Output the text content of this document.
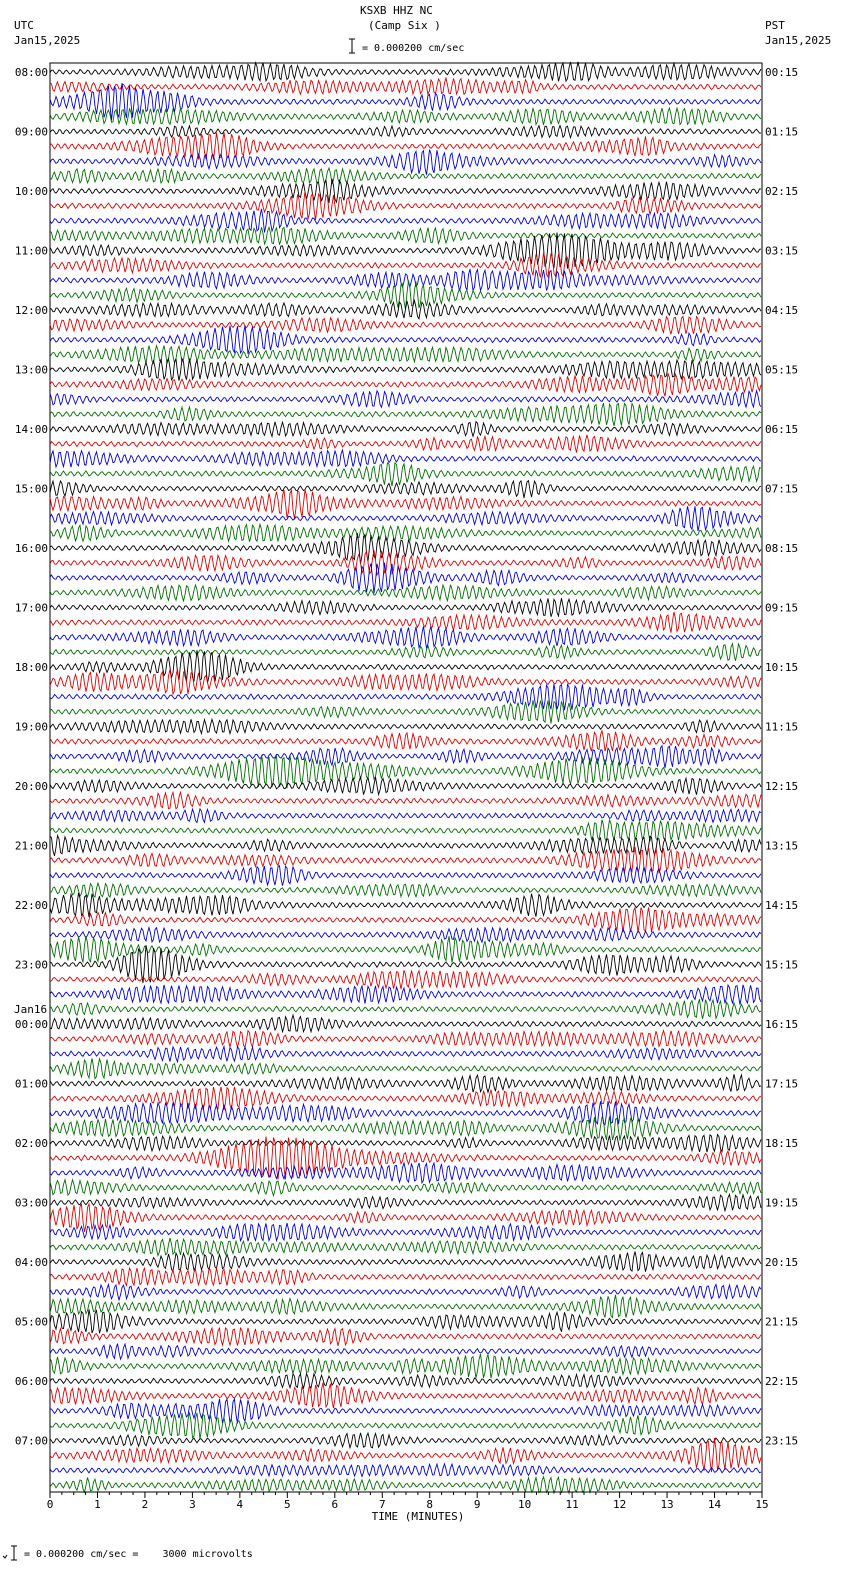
KSXB HHZ NC
(Camp Six )
UTC
Jan15,2025
PST
Jan15,2025
= 0.000200 cm/sec
= 0.000200 cm/sec =    3000 microvolts
08:00
09:00
10:00
11:00
12:00
13:00
14:00
15:00
16:00
17:00
18:00
19:00
20:00
21:00
22:00
23:00
00:00
Jan16
01:00
02:00
03:00
04:00
05:00
06:00
07:00
00:15
01:15
02:15
03:15
04:15
05:15
06:15
07:15
08:15
09:15
10:15
11:15
12:15
13:15
14:15
15:15
16:15
17:15
18:15
19:15
20:15
21:15
22:15
23:15
0	1	2	3	4	5	6	7	8	9	10	11	12	13	14	15
TIME (MINUTES)
